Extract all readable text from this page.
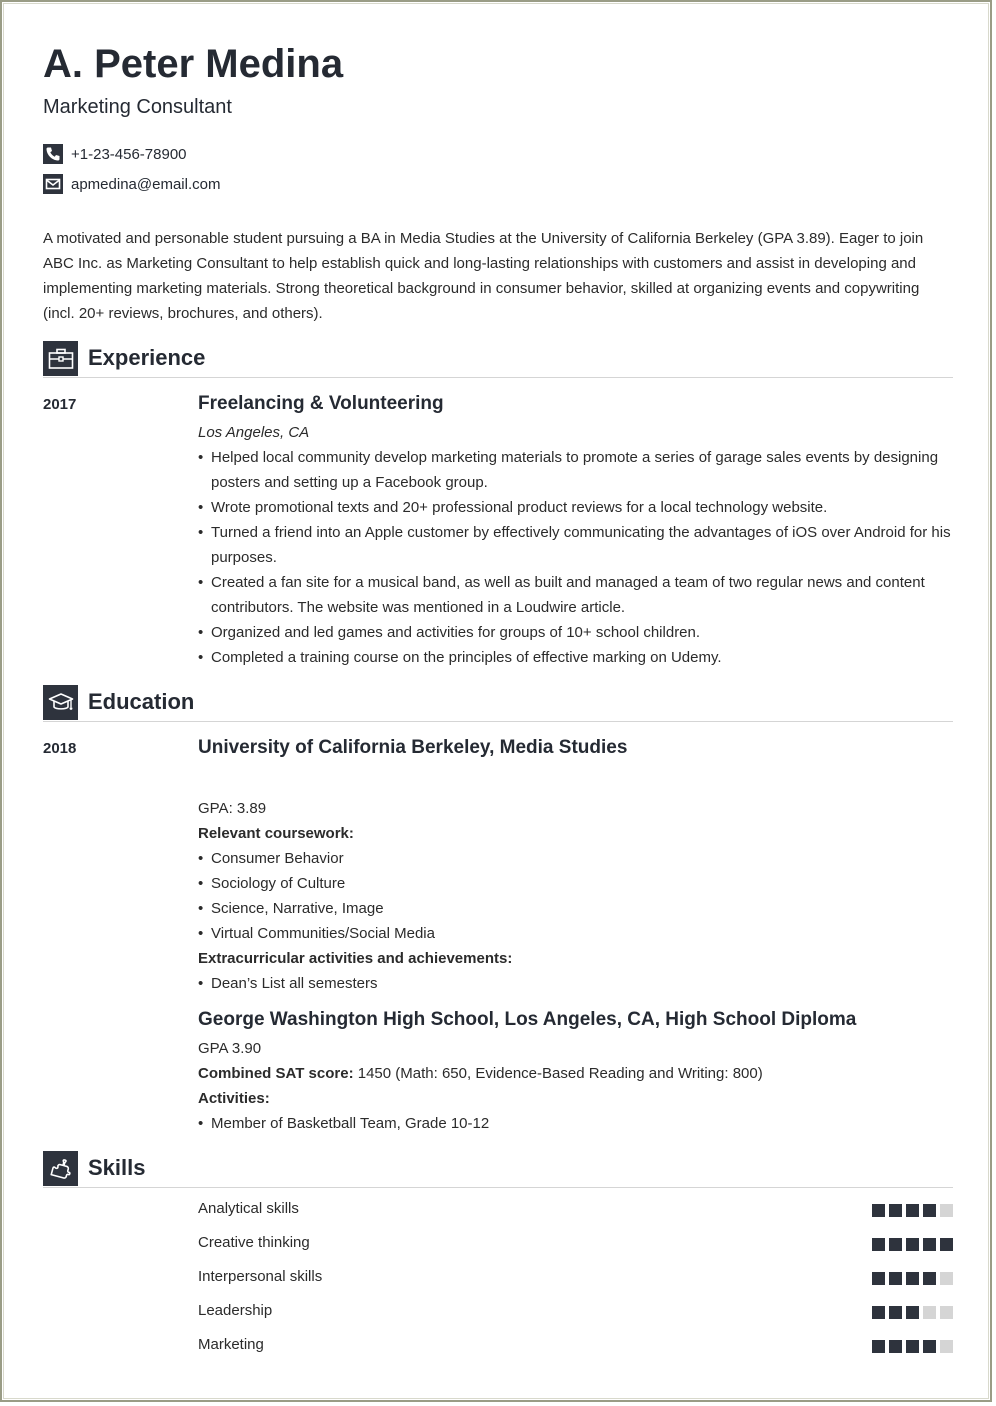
A. Peter Medina
Marketing Consultant
+1-23-456-78900
apmedina@email.com
A motivated and personable student pursuing a BA in Media Studies at the University of California Berkeley (GPA 3.89). Eager to join ABC Inc. as Marketing Consultant to help establish quick and long-lasting relationships with customers and assist in developing and implementing marketing materials. Strong theoretical background in consumer behavior, skilled at organizing events and copywriting (incl. 20+ reviews, brochures, and others).
Experience
2017	Freelancing & Volunteering
Los Angeles, CA
• Helped local community develop marketing materials to promote a series of garage sales events by designing posters and setting up a Facebook group.
• Wrote promotional texts and 20+ professional product reviews for a local technology website.
• Turned a friend into an Apple customer by effectively communicating the advantages of iOS over Android for his purposes.
• Created a fan site for a musical band, as well as built and managed a team of two regular news and content contributors. The website was mentioned in a Loudwire article.
• Organized and led games and activities for groups of 10+ school children.
• Completed a training course on the principles of effective marking on Udemy.
Education
2018	University of California Berkeley, Media Studies
GPA: 3.89
Relevant coursework:
• Consumer Behavior
• Sociology of Culture
• Science, Narrative, Image
• Virtual Communities/Social Media
Extracurricular activities and achievements:
• Dean’s List all semesters
George Washington High School, Los Angeles, CA, High School Diploma
GPA 3.90
Combined SAT score: 1450 (Math: 650, Evidence-Based Reading and Writing: 800)
Activities:
• Member of Basketball Team, Grade 10-12
Skills
Analytical skills
Creative thinking
Interpersonal skills
Leadership
Marketing
